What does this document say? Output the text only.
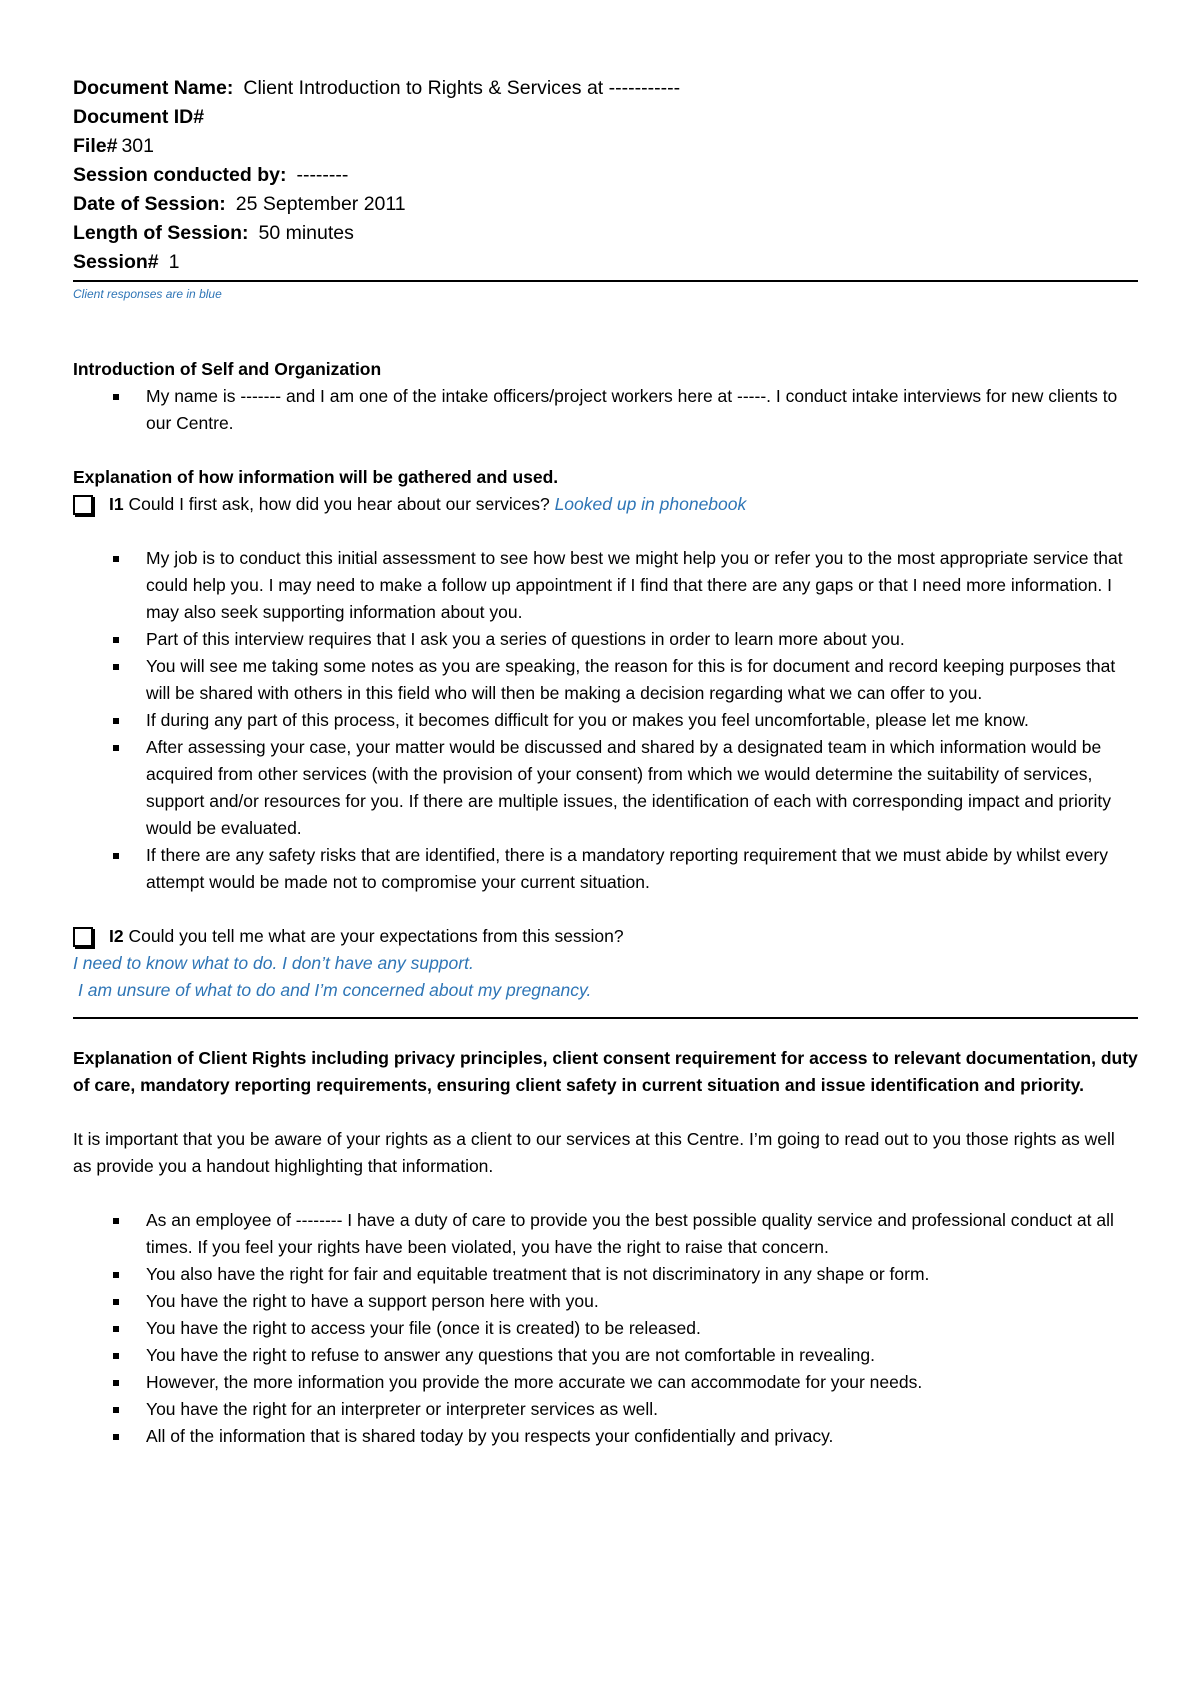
Document Name: Client Introduction to Rights & Services at -----------
Document ID#
File# 301
Session conducted by: --------
Date of Session: 25 September 2011
Length of Session: 50 minutes
Session# 1
Client responses are in blue
Introduction of Self and Organization
My name is ------- and I am one of the intake officers/project workers here at -----. I conduct intake interviews for new clients to our Centre.
Explanation of how information will be gathered and used.
I1 Could I first ask, how did you hear about our services? Looked up in phonebook
My job is to conduct this initial assessment to see how best we might help you or refer you to the most appropriate service that could help you. I may need to make a follow up appointment if I find that there are any gaps or that I need more information. I may also seek supporting information about you.
Part of this interview requires that I ask you a series of questions in order to learn more about you.
You will see me taking some notes as you are speaking, the reason for this is for document and record keeping purposes that will be shared with others in this field who will then be making a decision regarding what we can offer to you.
If during any part of this process, it becomes difficult for you or makes you feel uncomfortable, please let me know.
After assessing your case, your matter would be discussed and shared by a designated team in which information would be acquired from other services (with the provision of your consent) from which we would determine the suitability of services, support and/or resources for you. If there are multiple issues, the identification of each with corresponding impact and priority would be evaluated.
If there are any safety risks that are identified, there is a mandatory reporting requirement that we must abide by whilst every attempt would be made not to compromise your current situation.
I2 Could you tell me what are your expectations from this session?

I need to know what to do. I don’t have any support.

I am unsure of what to do and I’m concerned about my pregnancy.

Explanation of Client Rights including privacy principles, client consent requirement for access to relevant documentation, duty of care, mandatory reporting requirements, ensuring client safety in current situation and issue identification and priority.

It is important that you be aware of your rights as a client to our services at this Centre. I’m going to read out to you those rights as well as provide you a handout highlighting that information.

As an employee of -------- I have a duty of care to provide you the best possible quality service and professional conduct at all times. If you feel your rights have been violated, you have the right to raise that concern.
You also have the right for fair and equitable treatment that is not discriminatory in any shape or form.
You have the right to have a support person here with you.
You have the right to access your file (once it is created) to be released.
You have the right to refuse to answer any questions that you are not comfortable in revealing.
However, the more information you provide the more accurate we can accommodate for your needs.
You have the right for an interpreter or interpreter services as well.
All of the information that is shared today by you respects your confidentially and privacy.
